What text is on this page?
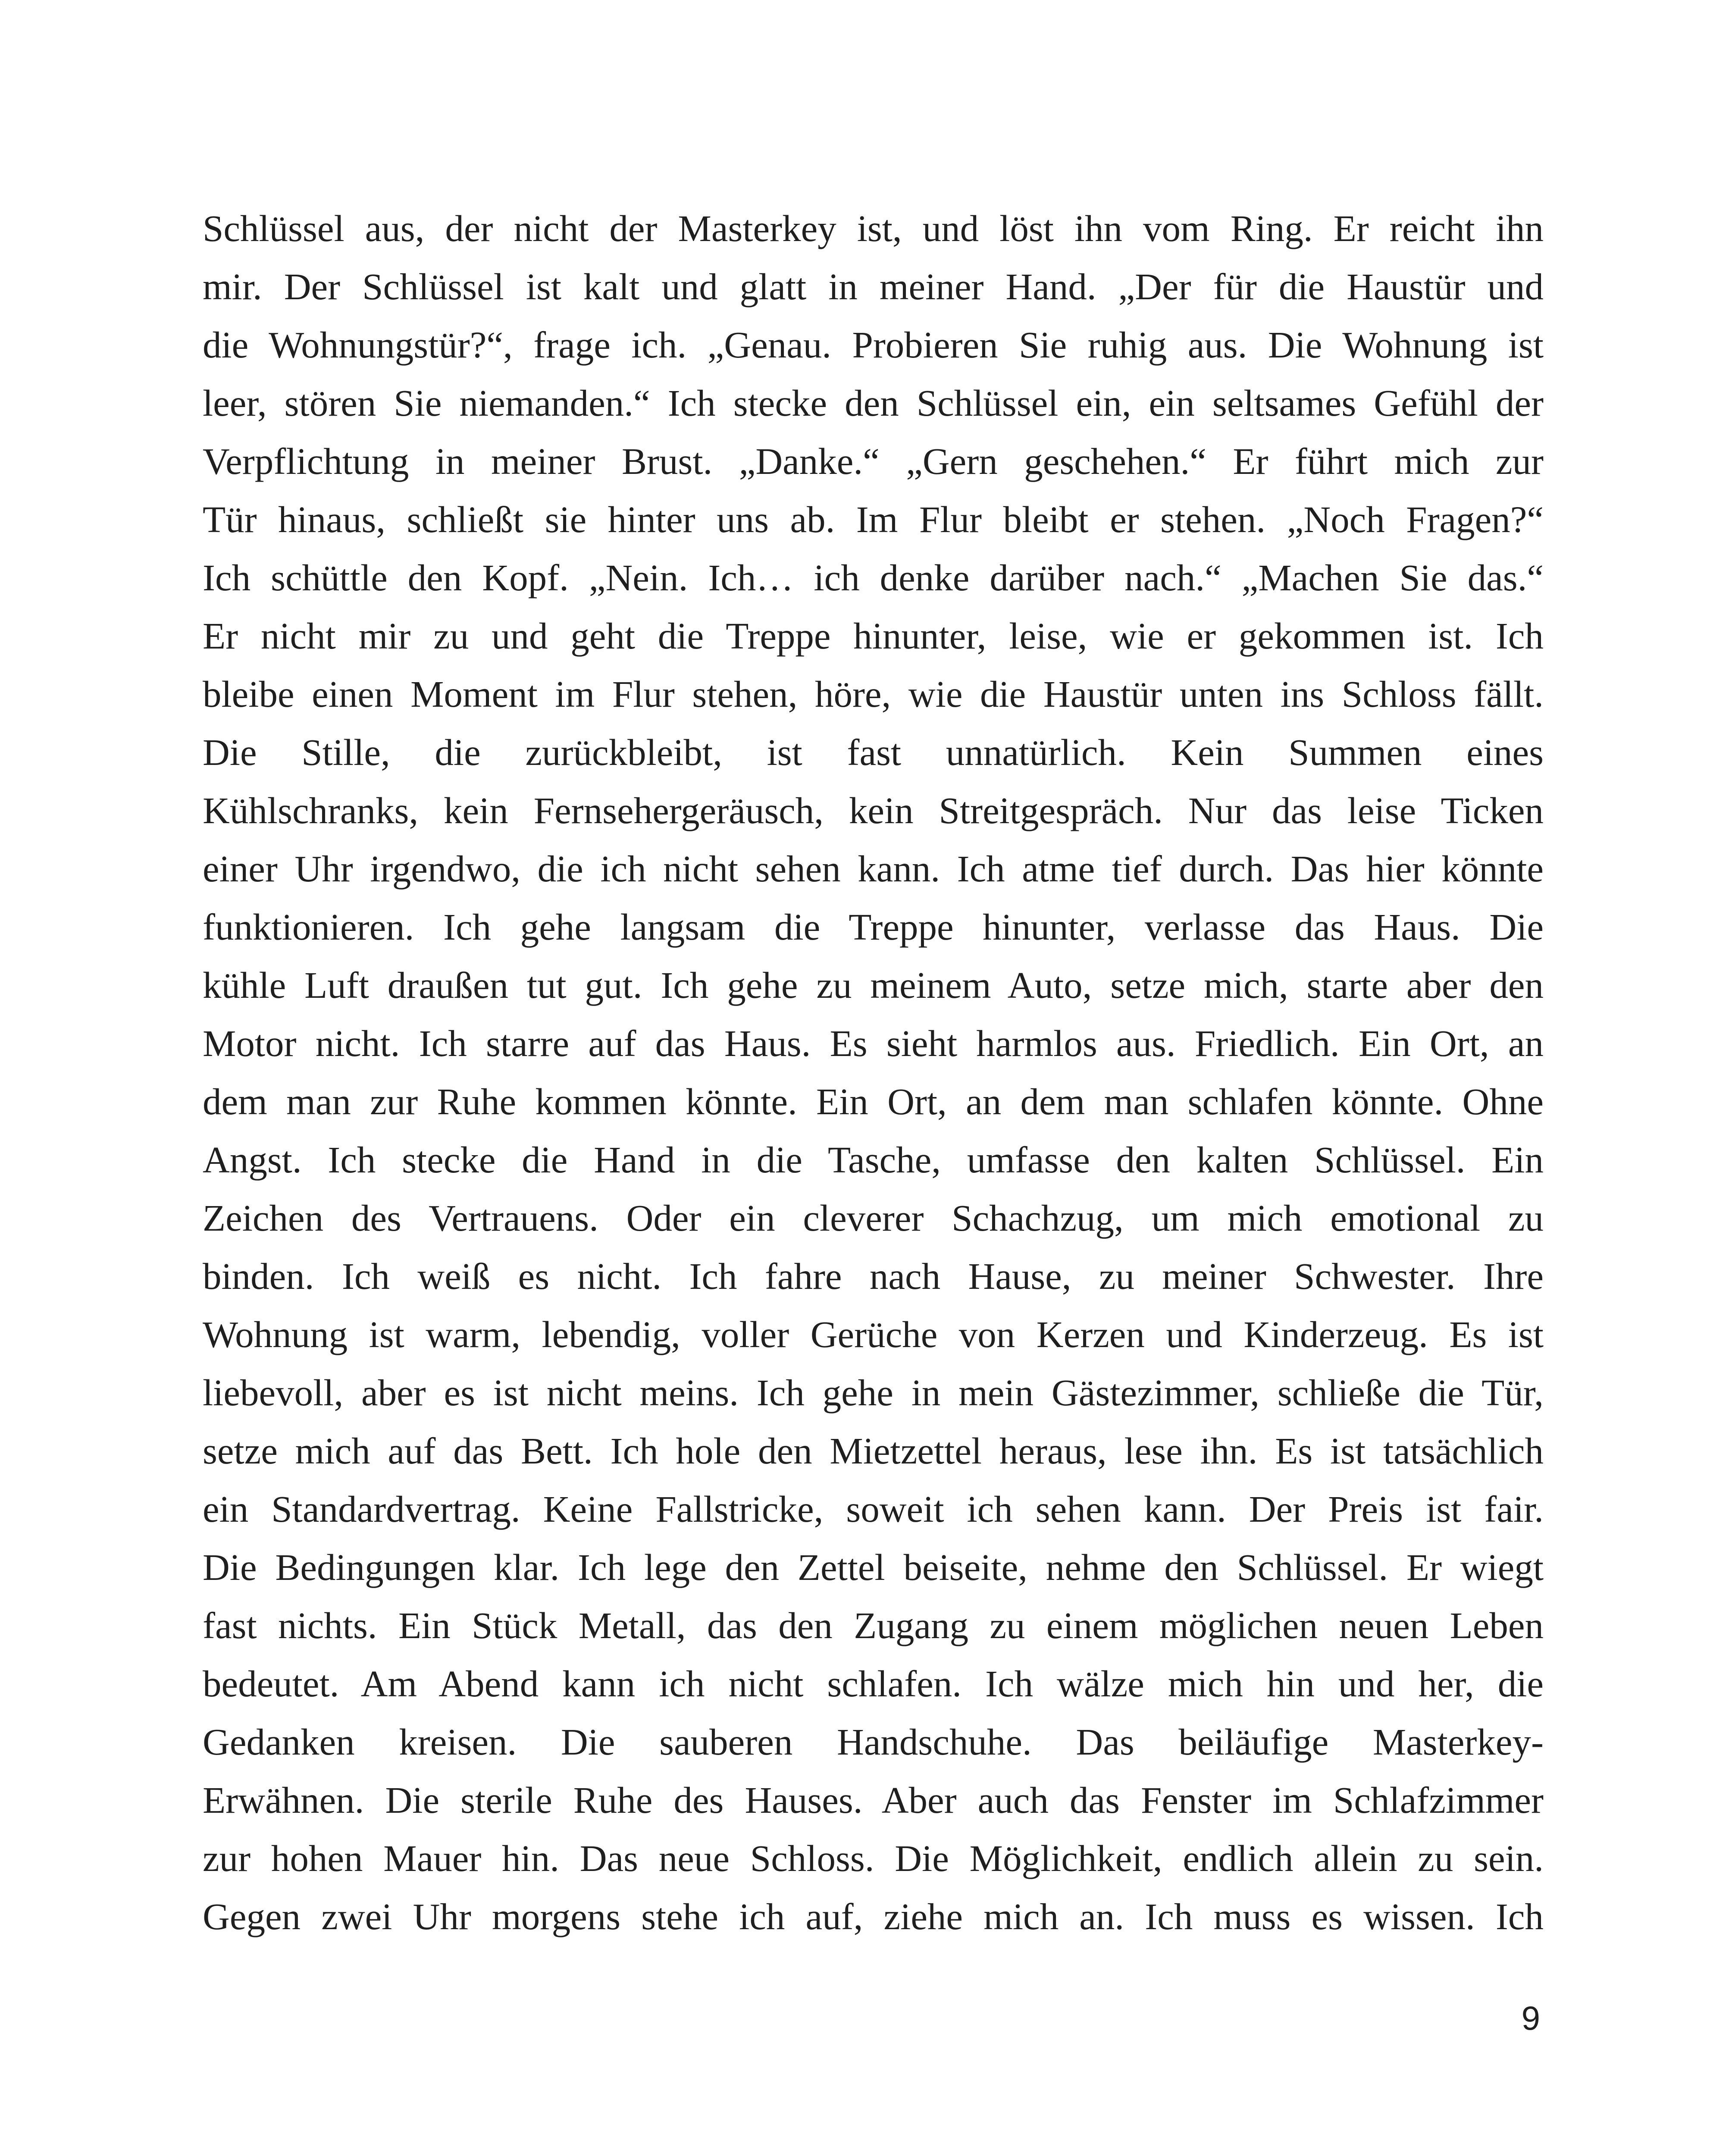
Schlüssel aus, der nicht der Masterkey ist, und löst ihn vom Ring. Er reicht ihn
mir. Der Schlüssel ist kalt und glatt in meiner Hand. „Der für die Haustür und
die Wohnungstür?“, frage ich. „Genau. Probieren Sie ruhig aus. Die Wohnung ist
leer, stören Sie niemanden.“ Ich stecke den Schlüssel ein, ein seltsames Gefühl der
Verpflichtung in meiner Brust. „Danke.“ „Gern geschehen.“ Er führt mich zur
Tür hinaus, schließt sie hinter uns ab. Im Flur bleibt er stehen. „Noch Fragen?“
Ich schüttle den Kopf. „Nein. Ich… ich denke darüber nach.“ „Machen Sie das.“
Er nicht mir zu und geht die Treppe hinunter, leise, wie er gekommen ist. Ich
bleibe einen Moment im Flur stehen, höre, wie die Haustür unten ins Schloss fällt.
Die Stille, die zurückbleibt, ist fast unnatürlich. Kein Summen eines
Kühlschranks, kein Fernsehergeräusch, kein Streitgespräch. Nur das leise Ticken
einer Uhr irgendwo, die ich nicht sehen kann. Ich atme tief durch. Das hier könnte
funktionieren. Ich gehe langsam die Treppe hinunter, verlasse das Haus. Die
kühle Luft draußen tut gut. Ich gehe zu meinem Auto, setze mich, starte aber den
Motor nicht. Ich starre auf das Haus. Es sieht harmlos aus. Friedlich. Ein Ort, an
dem man zur Ruhe kommen könnte. Ein Ort, an dem man schlafen könnte. Ohne
Angst. Ich stecke die Hand in die Tasche, umfasse den kalten Schlüssel. Ein
Zeichen des Vertrauens. Oder ein cleverer Schachzug, um mich emotional zu
binden. Ich weiß es nicht. Ich fahre nach Hause, zu meiner Schwester. Ihre
Wohnung ist warm, lebendig, voller Gerüche von Kerzen und Kinderzeug. Es ist
liebevoll, aber es ist nicht meins. Ich gehe in mein Gästezimmer, schließe die Tür,
setze mich auf das Bett. Ich hole den Mietzettel heraus, lese ihn. Es ist tatsächlich
ein Standardvertrag. Keine Fallstricke, soweit ich sehen kann. Der Preis ist fair.
Die Bedingungen klar. Ich lege den Zettel beiseite, nehme den Schlüssel. Er wiegt
fast nichts. Ein Stück Metall, das den Zugang zu einem möglichen neuen Leben
bedeutet. Am Abend kann ich nicht schlafen. Ich wälze mich hin und her, die
Gedanken kreisen. Die sauberen Handschuhe. Das beiläufige Masterkey-
Erwähnen. Die sterile Ruhe des Hauses. Aber auch das Fenster im Schlafzimmer
zur hohen Mauer hin. Das neue Schloss. Die Möglichkeit, endlich allein zu sein.
Gegen zwei Uhr morgens stehe ich auf, ziehe mich an. Ich muss es wissen. Ich
9
